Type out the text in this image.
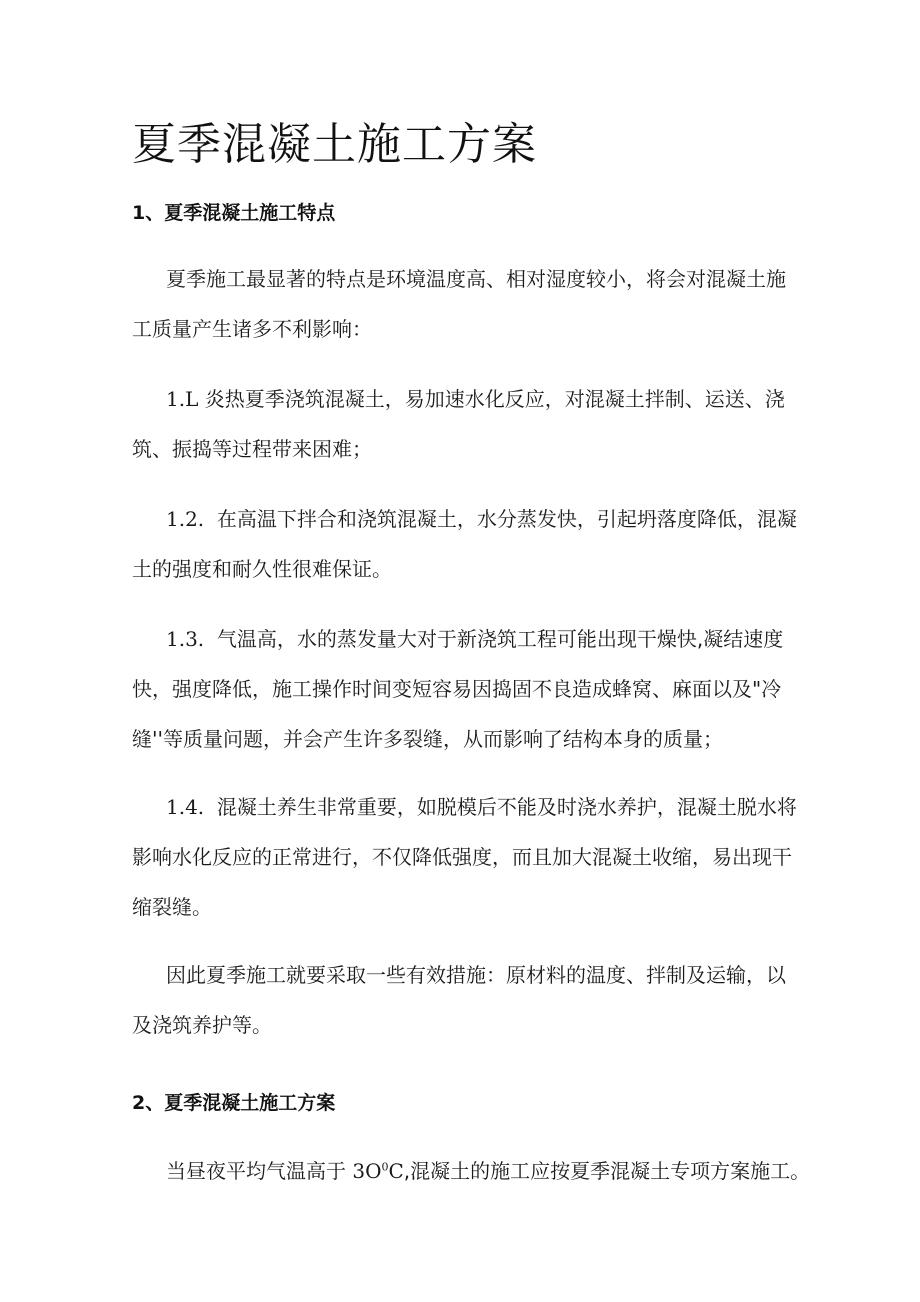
夏季混凝土施工方案
1、夏季混凝土施工特点
夏季施工最显著的特点是环境温度高、相对湿度较小，将会对混凝土施
工质量产生诸多不利影响：
1.L 炎热夏季浇筑混凝土，易加速水化反应，对混凝土拌制、运送、浇
筑、振捣等过程带来困难；
1.2. 在高温下拌合和浇筑混凝土，水分蒸发快，引起坍落度降低，混凝
土的强度和耐久性很难保证。
1.3. 气温高，水的蒸发量大对于新浇筑工程可能出现干燥快,凝结速度
快，强度降低，施工操作时间变短容易因捣固不良造成蜂窝、麻面以及"冷
缝''等质量问题，并会产生许多裂缝，从而影响了结构本身的质量；
1.4. 混凝土养生非常重要，如脱模后不能及时浇水养护，混凝土脱水将
影响水化反应的正常进行，不仅降低强度，而且加大混凝土收缩，易出现干
缩裂缝。
因此夏季施工就要采取一些有效措施：原材料的温度、拌制及运输，以
及浇筑养护等。
2、夏季混凝土施工方案
当昼夜平均气温高于 $3O^0C$,混凝土的施工应按夏季混凝土专项方案施工。
